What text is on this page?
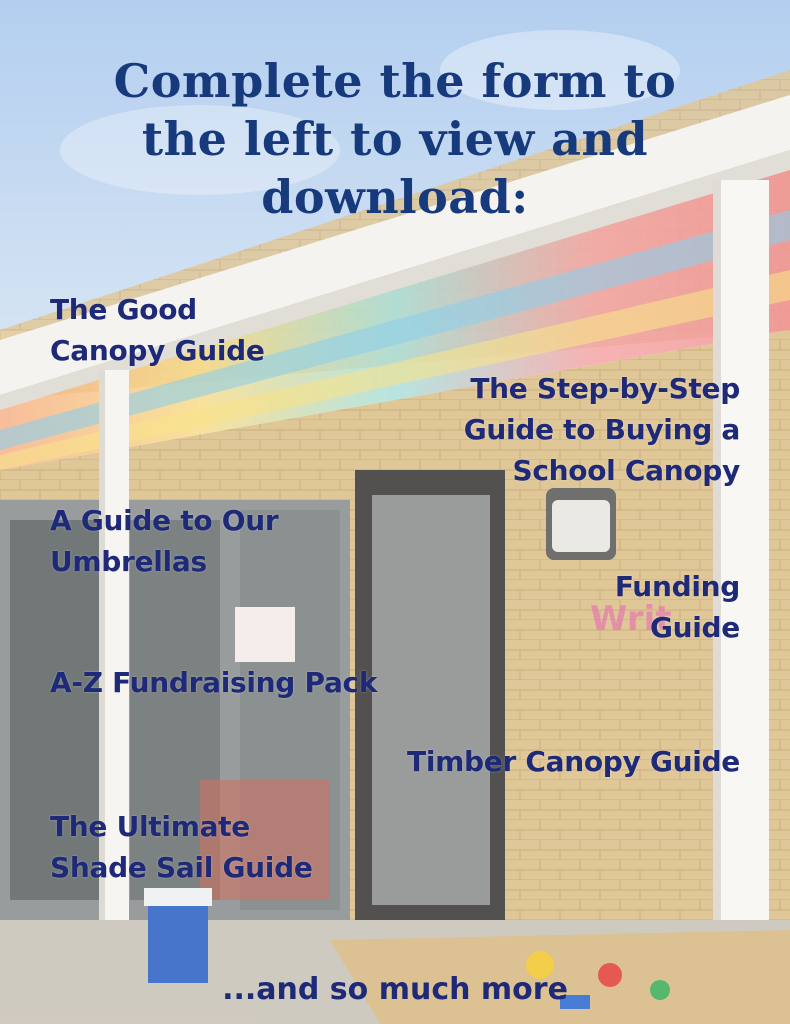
Writ
Complete the form to
the left to view and
download:
The Good
Canopy Guide
The Step-by-Step
Guide to Buying a
School Canopy
A Guide to Our
Umbrellas
Funding
Guide
A-Z Fundraising Pack
Timber Canopy Guide
The Ultimate
Shade Sail Guide
...and so much more
